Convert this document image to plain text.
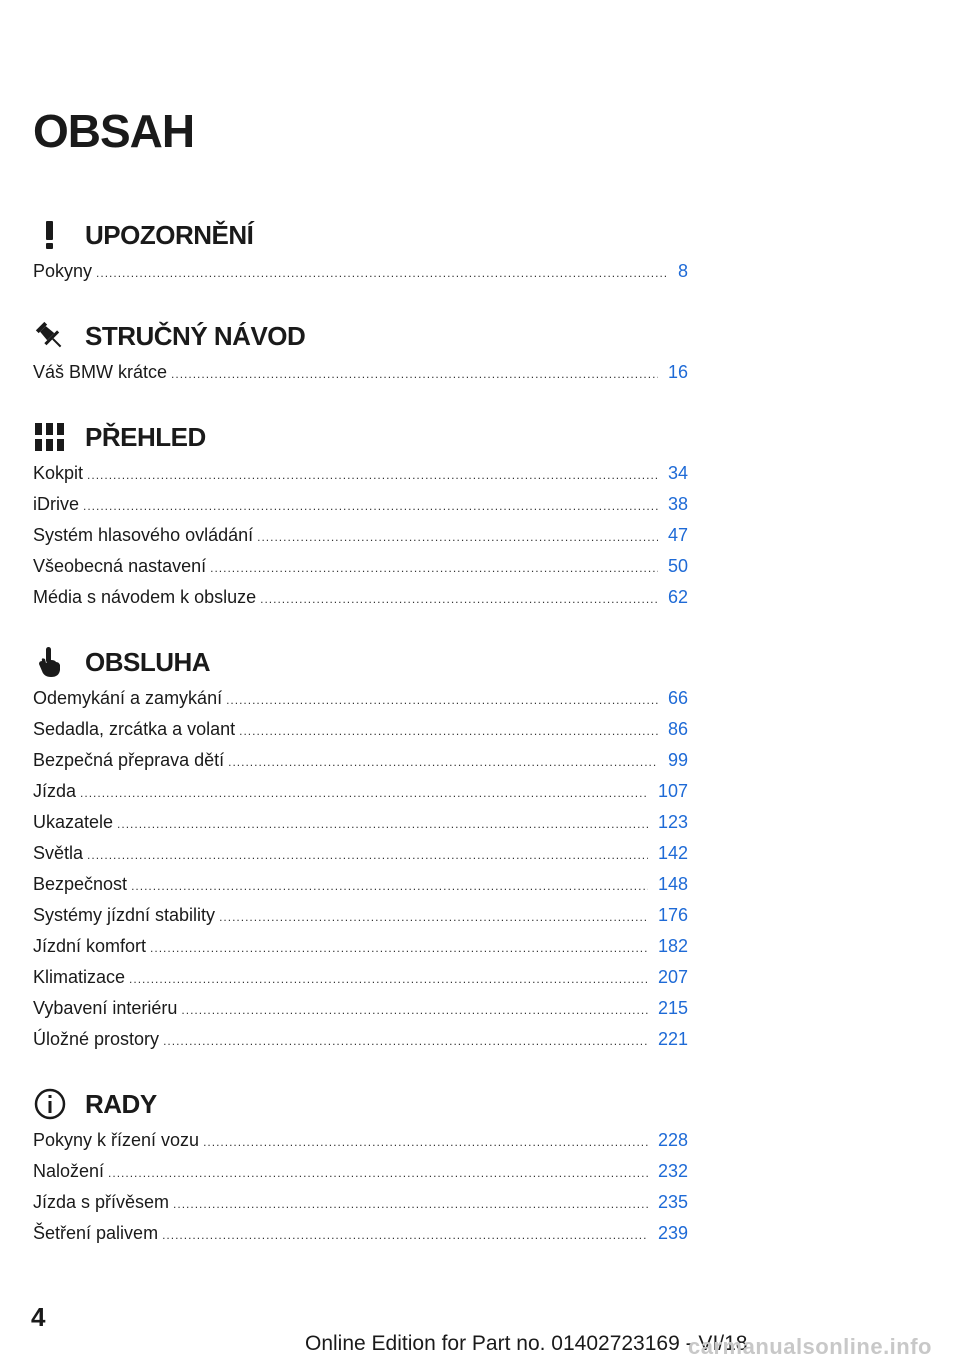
OBSAH
UPOZORNĚNÍ
Pokyny .....	8
STRUČNÝ NÁVOD
Váš BMW krátce .....	16
PŘEHLED
Kokpit .....	34
iDrive .....	38
Systém hlasového ovládání .....	47
Všeobecná nastavení .....	50
Média s návodem k obsluze .....	62
OBSLUHA
Odemykání a zamykání .....	66
Sedadla, zrcátka a volant .....	86
Bezpečná přeprava dětí .....	99
Jízda .....	107
Ukazatele .....	123
Světla .....	142
Bezpečnost .....	148
Systémy jízdní stability .....	176
Jízdní komfort .....	182
Klimatizace .....	207
Vybavení interiéru .....	215
Úložné prostory .....	221
RADY
Pokyny k řízení vozu .....	228
Naložení .....	232
Jízda s přívěsem .....	235
Šetření palivem .....	239
4
Online Edition for Part no. 01402723169 - VI/18
carmanualsonline.info
